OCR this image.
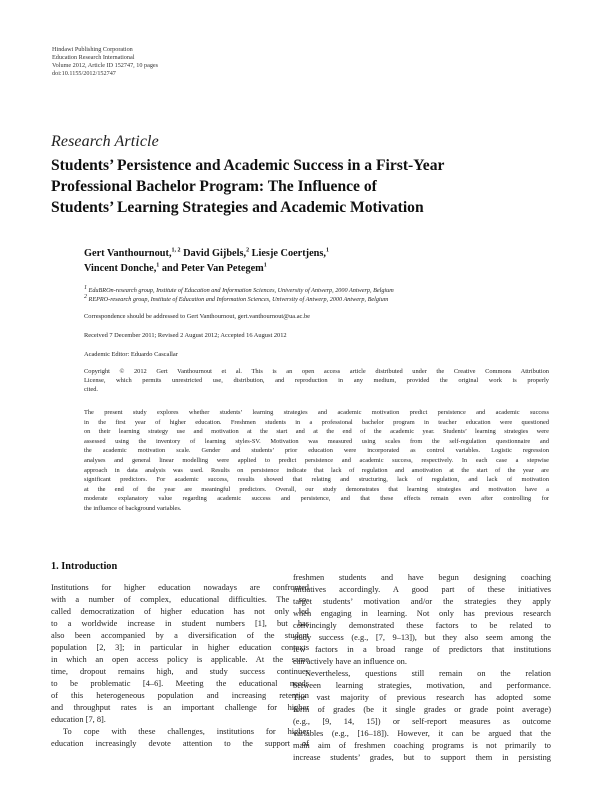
Hindawi Publishing Corporation
Education Research International
Volume 2012, Article ID 152747, 10 pages
doi:10.1155/2012/152747
Research Article
Students’ Persistence and Academic Success in a First-Year
Professional Bachelor Program: The Influence of
Students’ Learning Strategies and Academic Motivation
Gert Vanthournout,$^{1, 2}$ David Gijbels,$^2$ Liesje Coertjens,$^1$
Vincent Donche,$^1$ and Peter Van Petegem$^1$
$^1$ EduBROn-research group, Institute of Education and Information Sciences, University of Antwerp, 2000 Antwerp, Belgium
$^2$ REPRO-research group, Institute of Education and Information Sciences, University of Antwerp, 2000 Antwerp, Belgium
Correspondence should be addressed to Gert Vanthournout, gert.vanthournout@ua.ac.be
Received 7 December 2011; Revised 2 August 2012; Accepted 16 August 2012
Academic Editor: Eduardo Cascallar
Copyright © 2012 Gert Vanthournout et al. This is an open access article distributed under the Creative Commons Attribution
License, which permits unrestricted use, distribution, and reproduction in any medium, provided the original work is properly
cited.
The present study explores whether students’ learning strategies and academic motivation predict persistence and academic success
in the first year of higher education. Freshmen students in a professional bachelor program in teacher education were questioned
on their learning strategy use and motivation at the start and at the end of the academic year. Students’ learning strategies were
assessed using the inventory of learning styles-SV. Motivation was measured using scales from the self-regulation questionnaire and
the academic motivation scale. Gender and students’ prior education were incorporated as control variables. Logistic regression
analyses and general linear modelling were applied to predict persistence and academic success, respectively. In each case a stepwise
approach in data analysis was used. Results on persistence indicate that lack of regulation and amotivation at the start of the year are
significant predictors. For academic success, results showed that relating and structuring, lack of regulation, and lack of motivation
at the end of the year are meaningful predictors. Overall, our study demonstrates that learning strategies and motivation have a
moderate explanatory value regarding academic success and persistence, and that these effects remain even after controlling for
the influence of background variables.
1. Introduction
Institutions for higher education nowadays are confronted
with a number of complex, educational difficulties. The so-
called democratization of higher education has not only led
to a worldwide increase in student numbers [1], but has
also been accompanied by a diversification of the student
population [2, 3]; in particular in higher education contexts
in which an open access policy is applicable. At the same
time, dropout remains high, and study success continues
to be problematic [4–6]. Meeting the educational needs
of this heterogeneous population and increasing retention
and throughput rates is an important challenge for higher
education [7, 8].
To cope with these challenges, institutions for higher
education increasingly devote attention to the support of
freshmen students and have begun designing coaching
initiatives accordingly. A good part of these initiatives
target students’ motivation and/or the strategies they apply
when engaging in learning. Not only has previous research
convincingly demonstrated these factors to be related to
study success (e.g., [7, 9–13]), but they also seem among the
few factors in a broad range of predictors that institutions
can actively have an influence on.
Nevertheless, questions still remain on the relation
between learning strategies, motivation, and performance.
The vast majority of previous research has adopted some
form of grades (be it single grades or grade point average)
(e.g., [9, 14, 15]) or self-report measures as outcome
variables (e.g., [16–18]). However, it can be argued that the
main aim of freshmen coaching programs is not primarily to
increase students’ grades, but to support them in persisting
